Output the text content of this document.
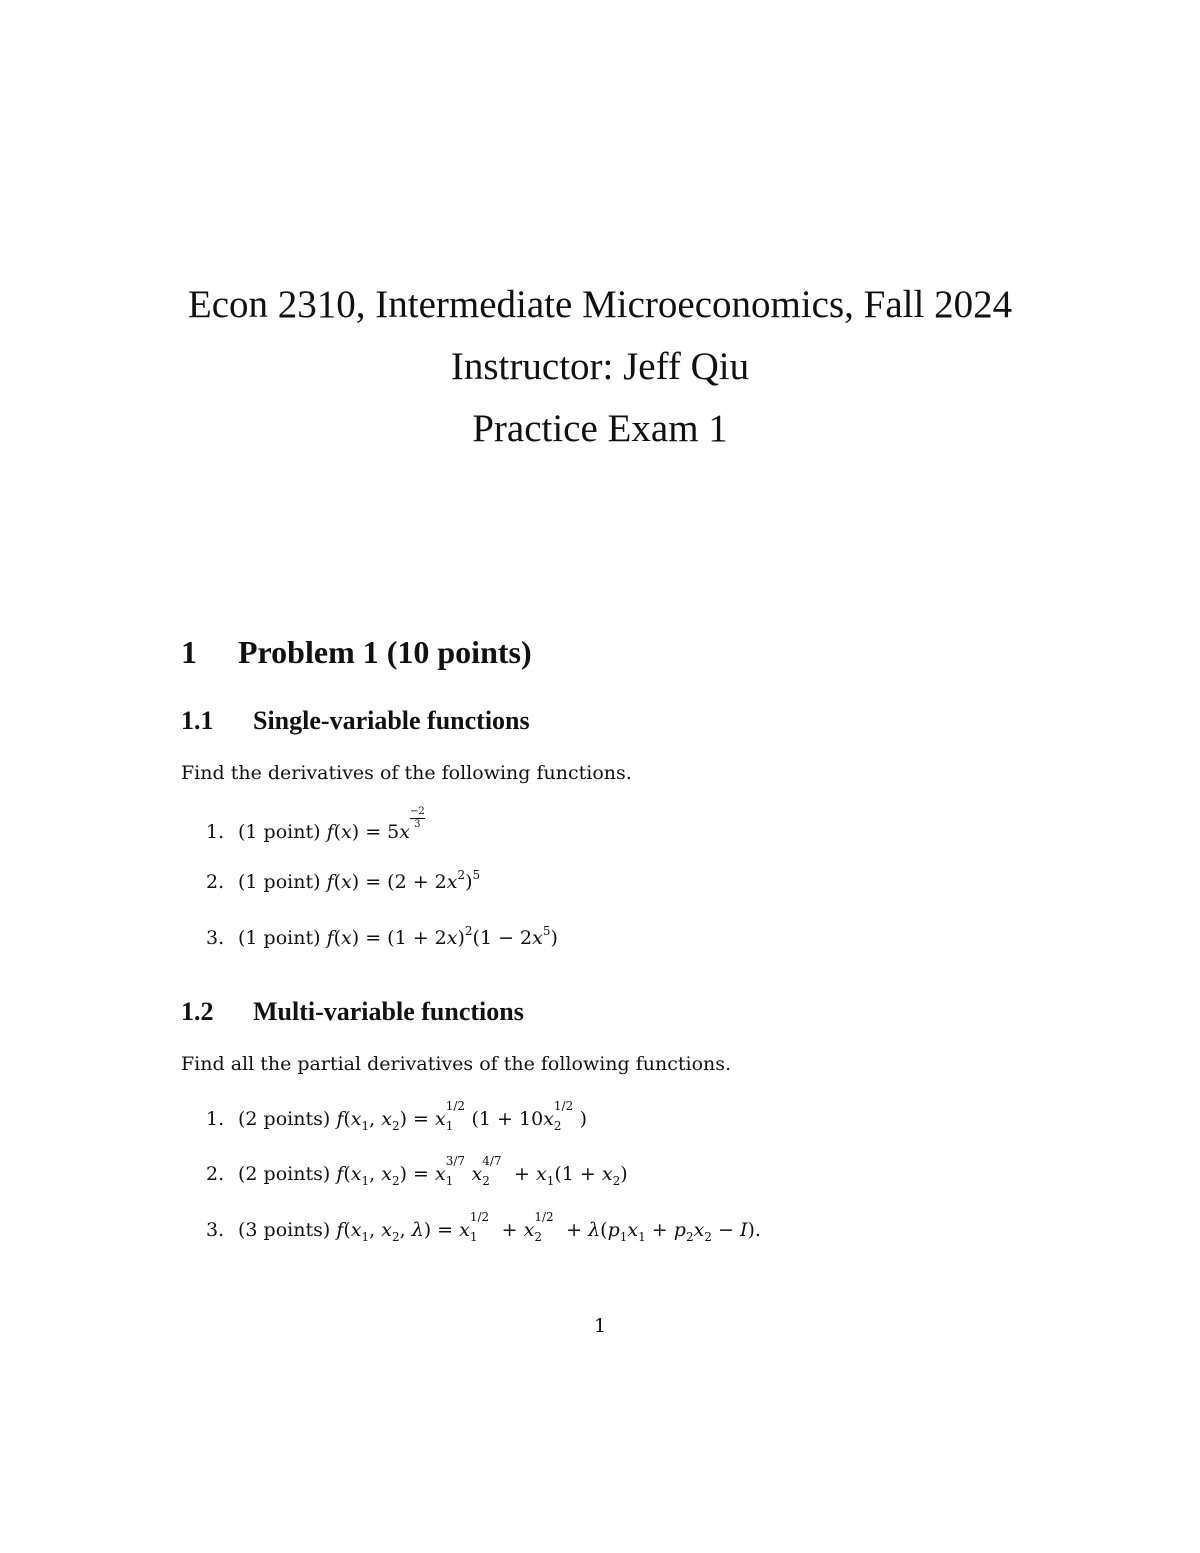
Econ 2310, Intermediate Microeconomics, Fall 2024
Instructor: Jeff Qiu
Practice Exam 1
1 Problem 1 (10 points)
1.1 Single-variable functions
Find the derivatives of the following functions.
1. (1 point) f(x) = 5x
$\frac{-2}{3}$
2. (1 point) $f(x) = (2 + 2x^2)^5$
3. (1 point) $f(x) = (1 + 2x)^2(1 - 2x^5)$
1.2 Multi-variable functions
Find all the partial derivatives of the following functions.
1. (2 points) $f(x_1$, $x_2) = x$
1/2
$_1$   (1 + 10x
1/2
$_2$   )
2. (2 points) $f(x_1$, $x_2) = x$
3/7
$_1$ x
4/7
$_2$    + $x_1(1 + x_2)$
3. (3 points) $f(x_1$, $x_2$, λ) = x
1/2
$_1$    + x
1/2
$_2$    + $\lambda(p_1x_1 + p_2x_2 - I)$.
1
